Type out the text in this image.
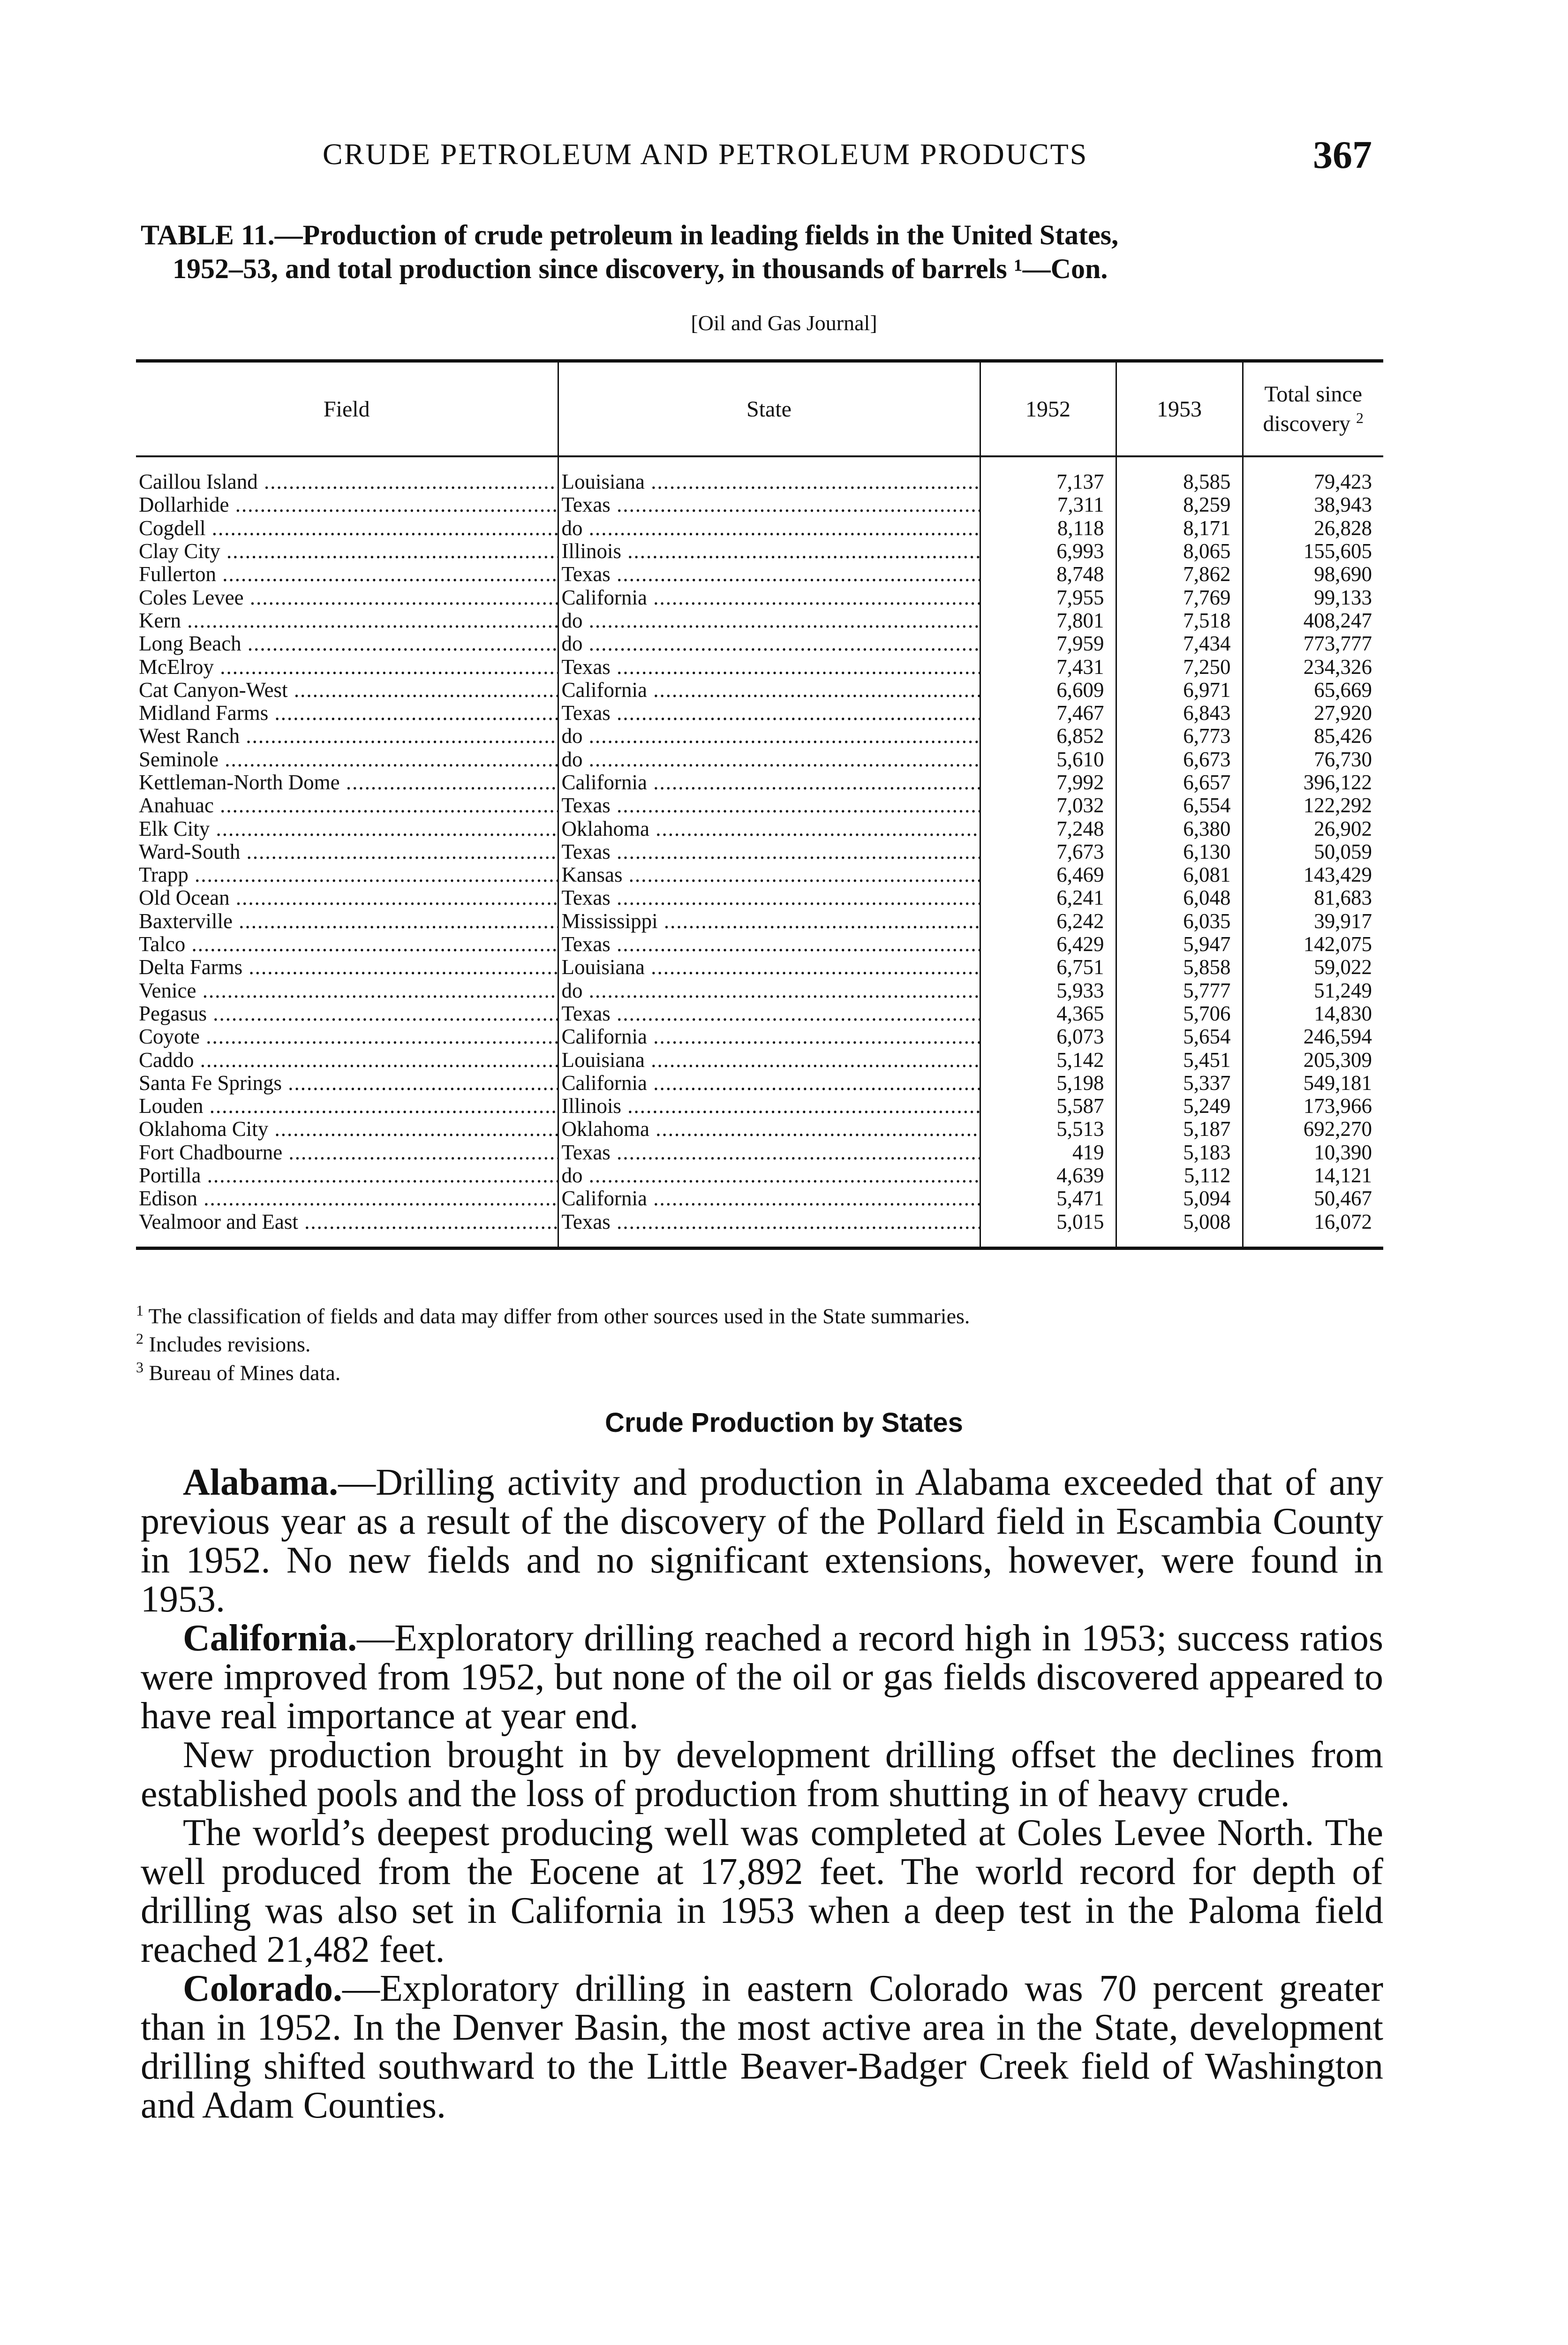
CRUDE PETROLEUM AND PETROLEUM PRODUCTS	367
TABLE 11.—Production of crude petroleum in leading fields in the United States,
1952–53, and total production since discovery, in thousands of barrels ¹—Con.
[Oil and Gas Journal]
Field	State	1952	1953	Total since
discovery $^2$
Caillou Island .....	Louisiana .....	7,137	8,585	79,423
Dollarhide .....	Texas .....	7,311	8,259	38,943
Cogdell .....	do .....	8,118	8,171	26,828
Clay City .....	Illinois .....	6,993	8,065	155,605
Fullerton .....	Texas .....	8,748	7,862	98,690
Coles Levee .....	California .....	7,955	7,769	99,133
Kern .....	do .....	7,801	7,518	408,247
Long Beach .....	do .....	7,959	7,434	773,777
McElroy .....	Texas .....	7,431	7,250	234,326
Cat Canyon-West .....	California .....	6,609	6,971	65,669
Midland Farms .....	Texas .....	7,467	6,843	27,920
West Ranch .....	do .....	6,852	6,773	85,426
Seminole .....	do .....	5,610	6,673	76,730
Kettleman-North Dome .....	California .....	7,992	6,657	396,122
Anahuac .....	Texas .....	7,032	6,554	122,292
Elk City .....	Oklahoma .....	7,248	6,380	26,902
Ward-South .....	Texas .....	7,673	6,130	50,059
Trapp .....	Kansas .....	6,469	6,081	143,429
Old Ocean .....	Texas .....	6,241	6,048	81,683
Baxterville .....	Mississippi .....	6,242	6,035	39,917
Talco .....	Texas .....	6,429	5,947	142,075
Delta Farms .....	Louisiana .....	6,751	5,858	59,022
Venice .....	do .....	5,933	5,777	51,249
Pegasus .....	Texas .....	4,365	5,706	14,830
Coyote .....	California .....	6,073	5,654	246,594
Caddo .....	Louisiana .....	5,142	5,451	205,309
Santa Fe Springs .....	California .....	5,198	5,337	549,181
Louden .....	Illinois .....	5,587	5,249	173,966
Oklahoma City .....	Oklahoma .....	5,513	5,187	692,270
Fort Chadbourne .....	Texas .....	419	5,183	10,390
Portilla .....	do .....	4,639	5,112	14,121
Edison .....	California .....	5,471	5,094	50,467
Vealmoor and East .....	Texas .....	5,015	5,008	16,072
$^1$ The classification of fields and data may differ from other sources used in the State summaries.
$^2$ Includes revisions.
$^3$ Bureau of Mines data.
Crude Production by States

Alabama.—Drilling activity and production in Alabama exceeded that of any previous year as a result of the discovery of the Pollard field in Escambia County in 1952. No new fields and no significant extensions, however, were found in 1953.

California.—Exploratory drilling reached a record high in 1953; success ratios were improved from 1952, but none of the oil or gas fields discovered appeared to have real importance at year end.

New production brought in by development drilling offset the declines from established pools and the loss of production from shutting in of heavy crude.

The world’s deepest producing well was completed at Coles Levee North. The well produced from the Eocene at 17,892 feet. The world record for depth of drilling was also set in California in 1953 when a deep test in the Paloma field reached 21,482 feet.

Colorado.—Exploratory drilling in eastern Colorado was 70 percent greater than in 1952. In the Denver Basin, the most active area in the State, development drilling shifted southward to the Little Beaver-Badger Creek field of Washington and Adam Counties.
